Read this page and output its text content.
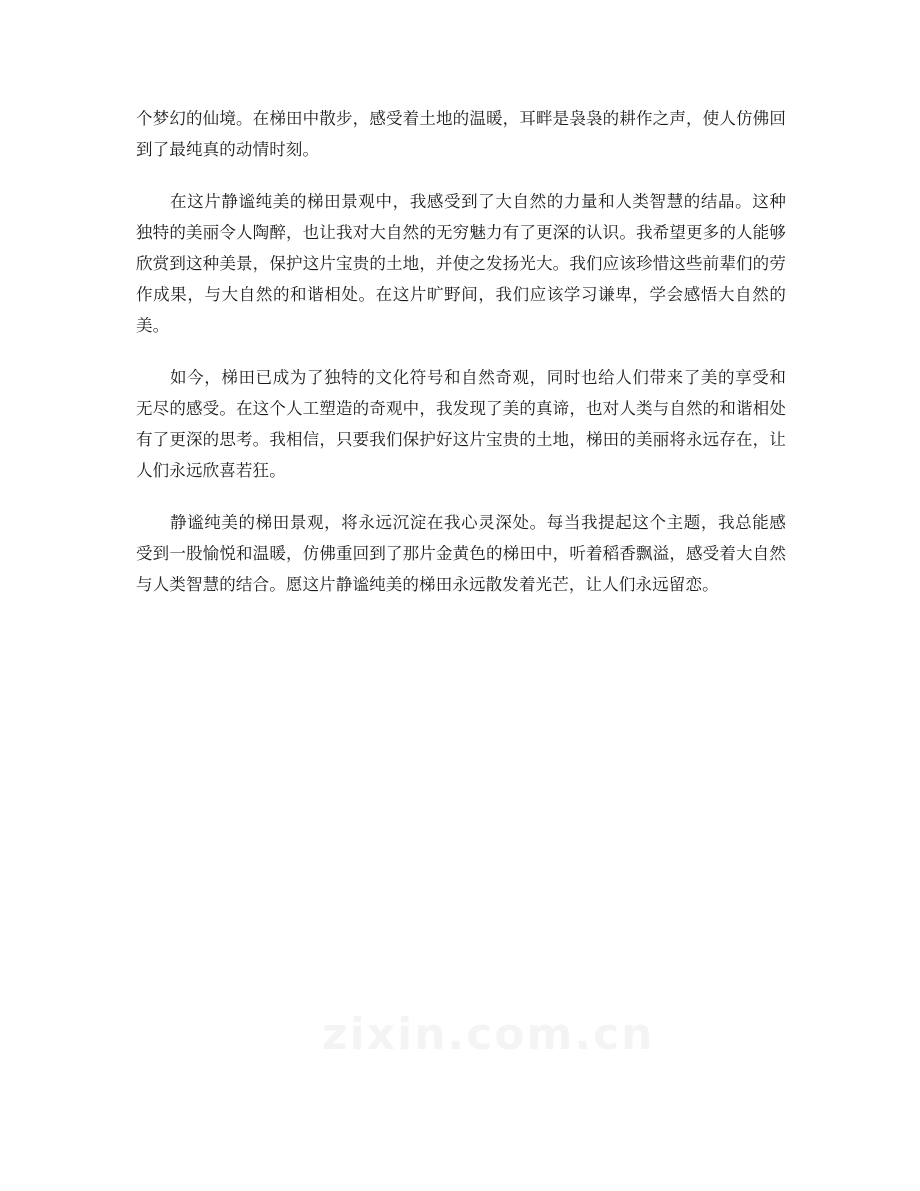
个梦幻的仙境。在梯田中散步，感受着土地的温暖，耳畔是袅袅的耕作之声，使人仿佛回到了最纯真的动情时刻。

在这片静谧纯美的梯田景观中，我感受到了大自然的力量和人类智慧的结晶。这种独特的美丽令人陶醉，也让我对大自然的无穷魅力有了更深的认识。我希望更多的人能够欣赏到这种美景，保护这片宝贵的土地，并使之发扬光大。我们应该珍惜这些前辈们的劳作成果，与大自然的和谐相处。在这片旷野间，我们应该学习谦卑，学会感悟大自然的美。

如今，梯田已成为了独特的文化符号和自然奇观，同时也给人们带来了美的享受和无尽的感受。在这个人工塑造的奇观中，我发现了美的真谛，也对人类与自然的和谐相处有了更深的思考。我相信，只要我们保护好这片宝贵的土地，梯田的美丽将永远存在，让人们永远欣喜若狂。

静谧纯美的梯田景观，将永远沉淀在我心灵深处。每当我提起这个主题，我总能感受到一股愉悦和温暖，仿佛重回到了那片金黄色的梯田中，听着稻香飘溢，感受着大自然与人类智慧的结合。愿这片静谧纯美的梯田永远散发着光芒，让人们永远留恋。
